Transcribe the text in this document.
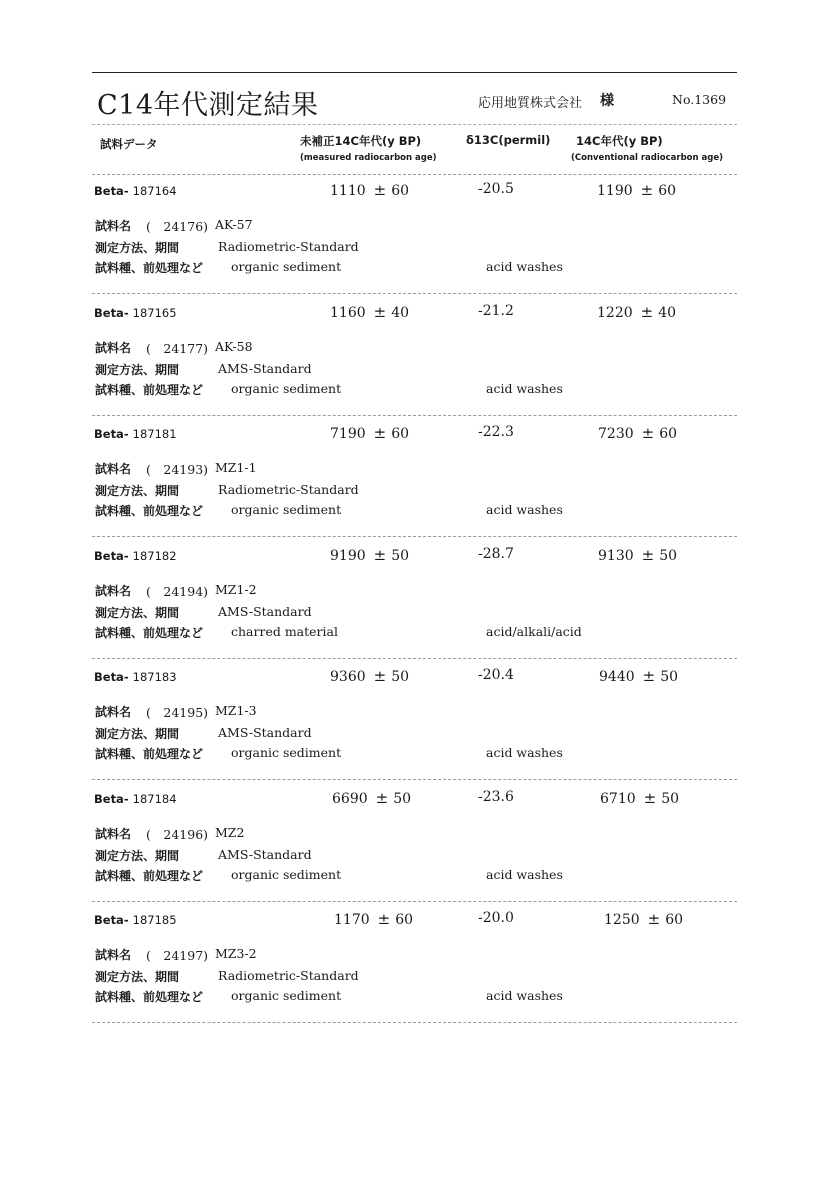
C14年代測定結果	応用地質株式会社 様	No.1369
試料データ	未補正14C年代(y BP)
(measured radiocarbon age)
δ13C(permil) 14C年代(y BP)
(Conventional radiocarbon age)
Beta- 187164	1110 ± 60	-20.5	1190 ± 60
試料名 (　24176) AK-57
測定方法、期間	Radiometric-Standard
試料種、前処理など organic sediment	acid washes
Beta- 187165	1160 ± 40	-21.2	1220 ± 40
試料名 (　24177) AK-58
測定方法、期間	AMS-Standard
試料種、前処理など organic sediment	acid washes
Beta- 187181	7190 ± 60	-22.3	7230 ± 60
試料名 (　24193) MZ1-1
測定方法、期間	Radiometric-Standard
試料種、前処理など organic sediment	acid washes
Beta- 187182	9190 ± 50	-28.7	9130 ± 50
試料名 (　24194) MZ1-2
測定方法、期間	AMS-Standard
試料種、前処理など charred material	acid/alkali/acid
Beta- 187183	9360 ± 50	-20.4	9440 ± 50
試料名 (　24195) MZ1-3
測定方法、期間	AMS-Standard
試料種、前処理など organic sediment	acid washes
Beta- 187184	6690 ± 50	-23.6	6710 ± 50
試料名 (　24196) MZ2
測定方法、期間	AMS-Standard
試料種、前処理など organic sediment	acid washes
Beta- 187185	1170 ± 60	-20.0	1250 ± 60
試料名 (　24197) MZ3-2
測定方法、期間	Radiometric-Standard
試料種、前処理など organic sediment	acid washes
